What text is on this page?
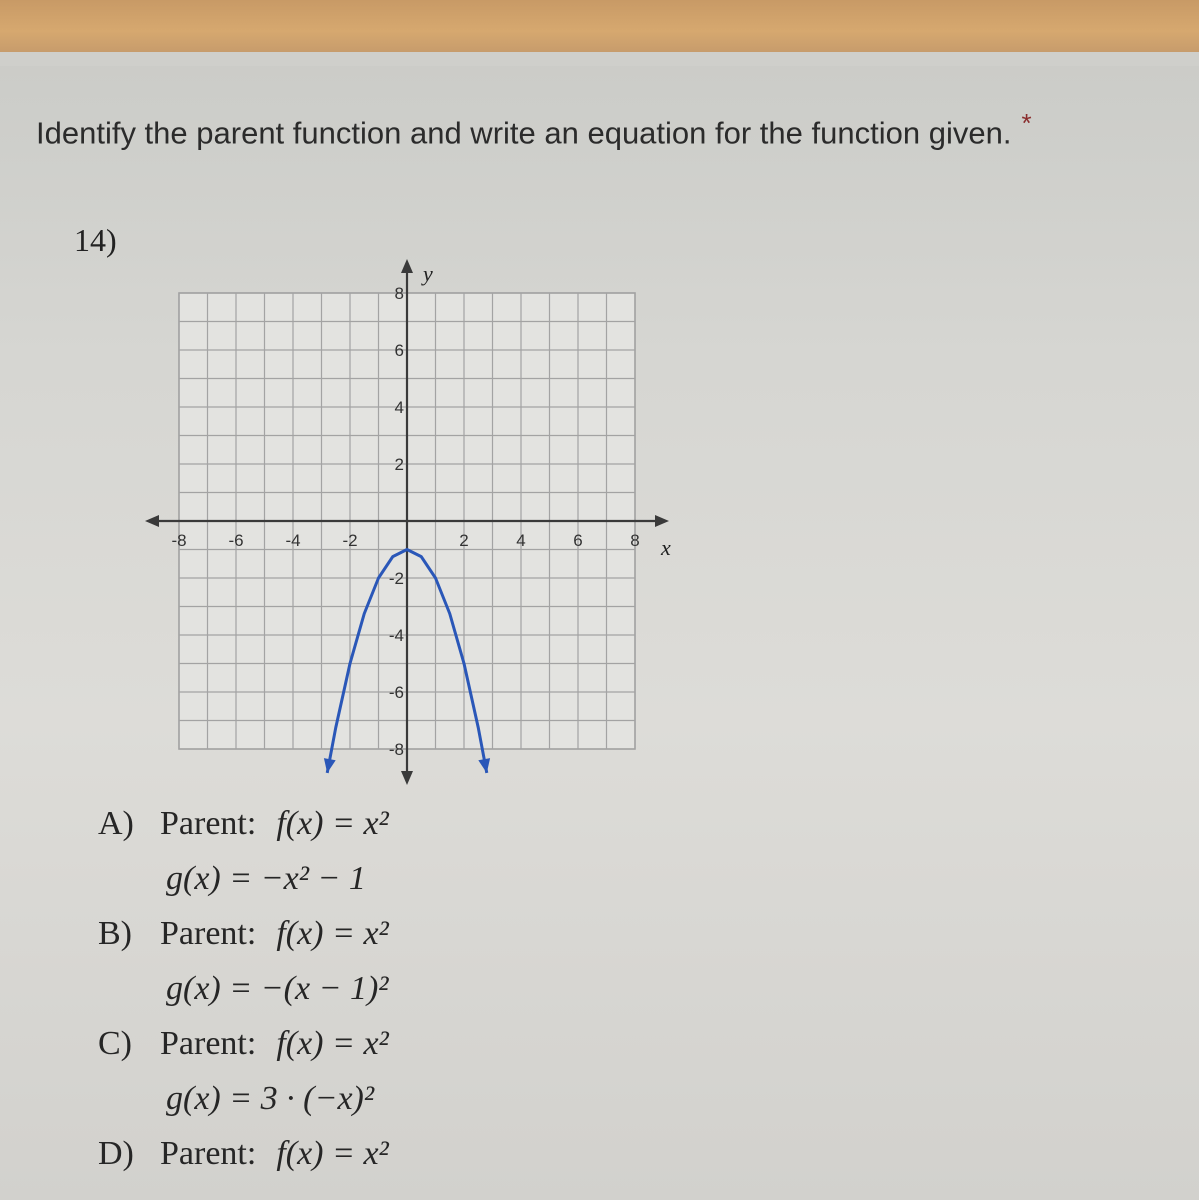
Identify the parent function and write an equation for the function given. *
14)
x
y
-8 -6 -4 -2	2	4	6	8
8
6
4
2
-2
-4
-6
-8
A) Parent: f(x) = x²
g(x) = −x² − 1
B) Parent: f(x) = x²
g(x) = −(x − 1)²
C) Parent: f(x) = x²
g(x) = 3 · (−x)²
D) Parent: f(x) = x²
